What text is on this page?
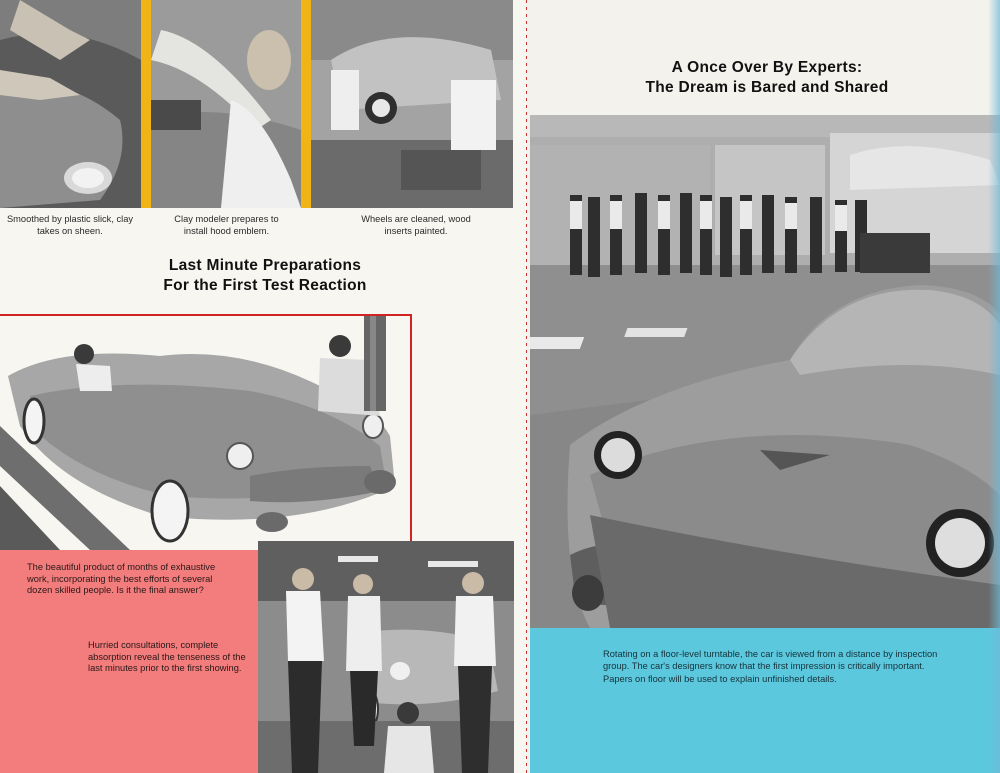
Smoothed by plastic slick, clay takes on sheen.
Clay modeler prepares to install hood emblem.
Wheels are cleaned, wood inserts painted.
Last Minute Preparations
For the First Test Reaction
The beautiful product of months of exhaustive work, incorporating the best efforts of several dozen skilled people. Is it the final answer?
Hurried consultations, complete absorption reveal the tenseness of the last minutes prior to the first showing.
A Once Over By Experts:
The Dream is Bared and Shared
Rotating on a floor-level turntable, the car is viewed from a distance by inspection group. The car's designers know that the first impression is critically important. Papers on floor will be used to explain unfinished details.
